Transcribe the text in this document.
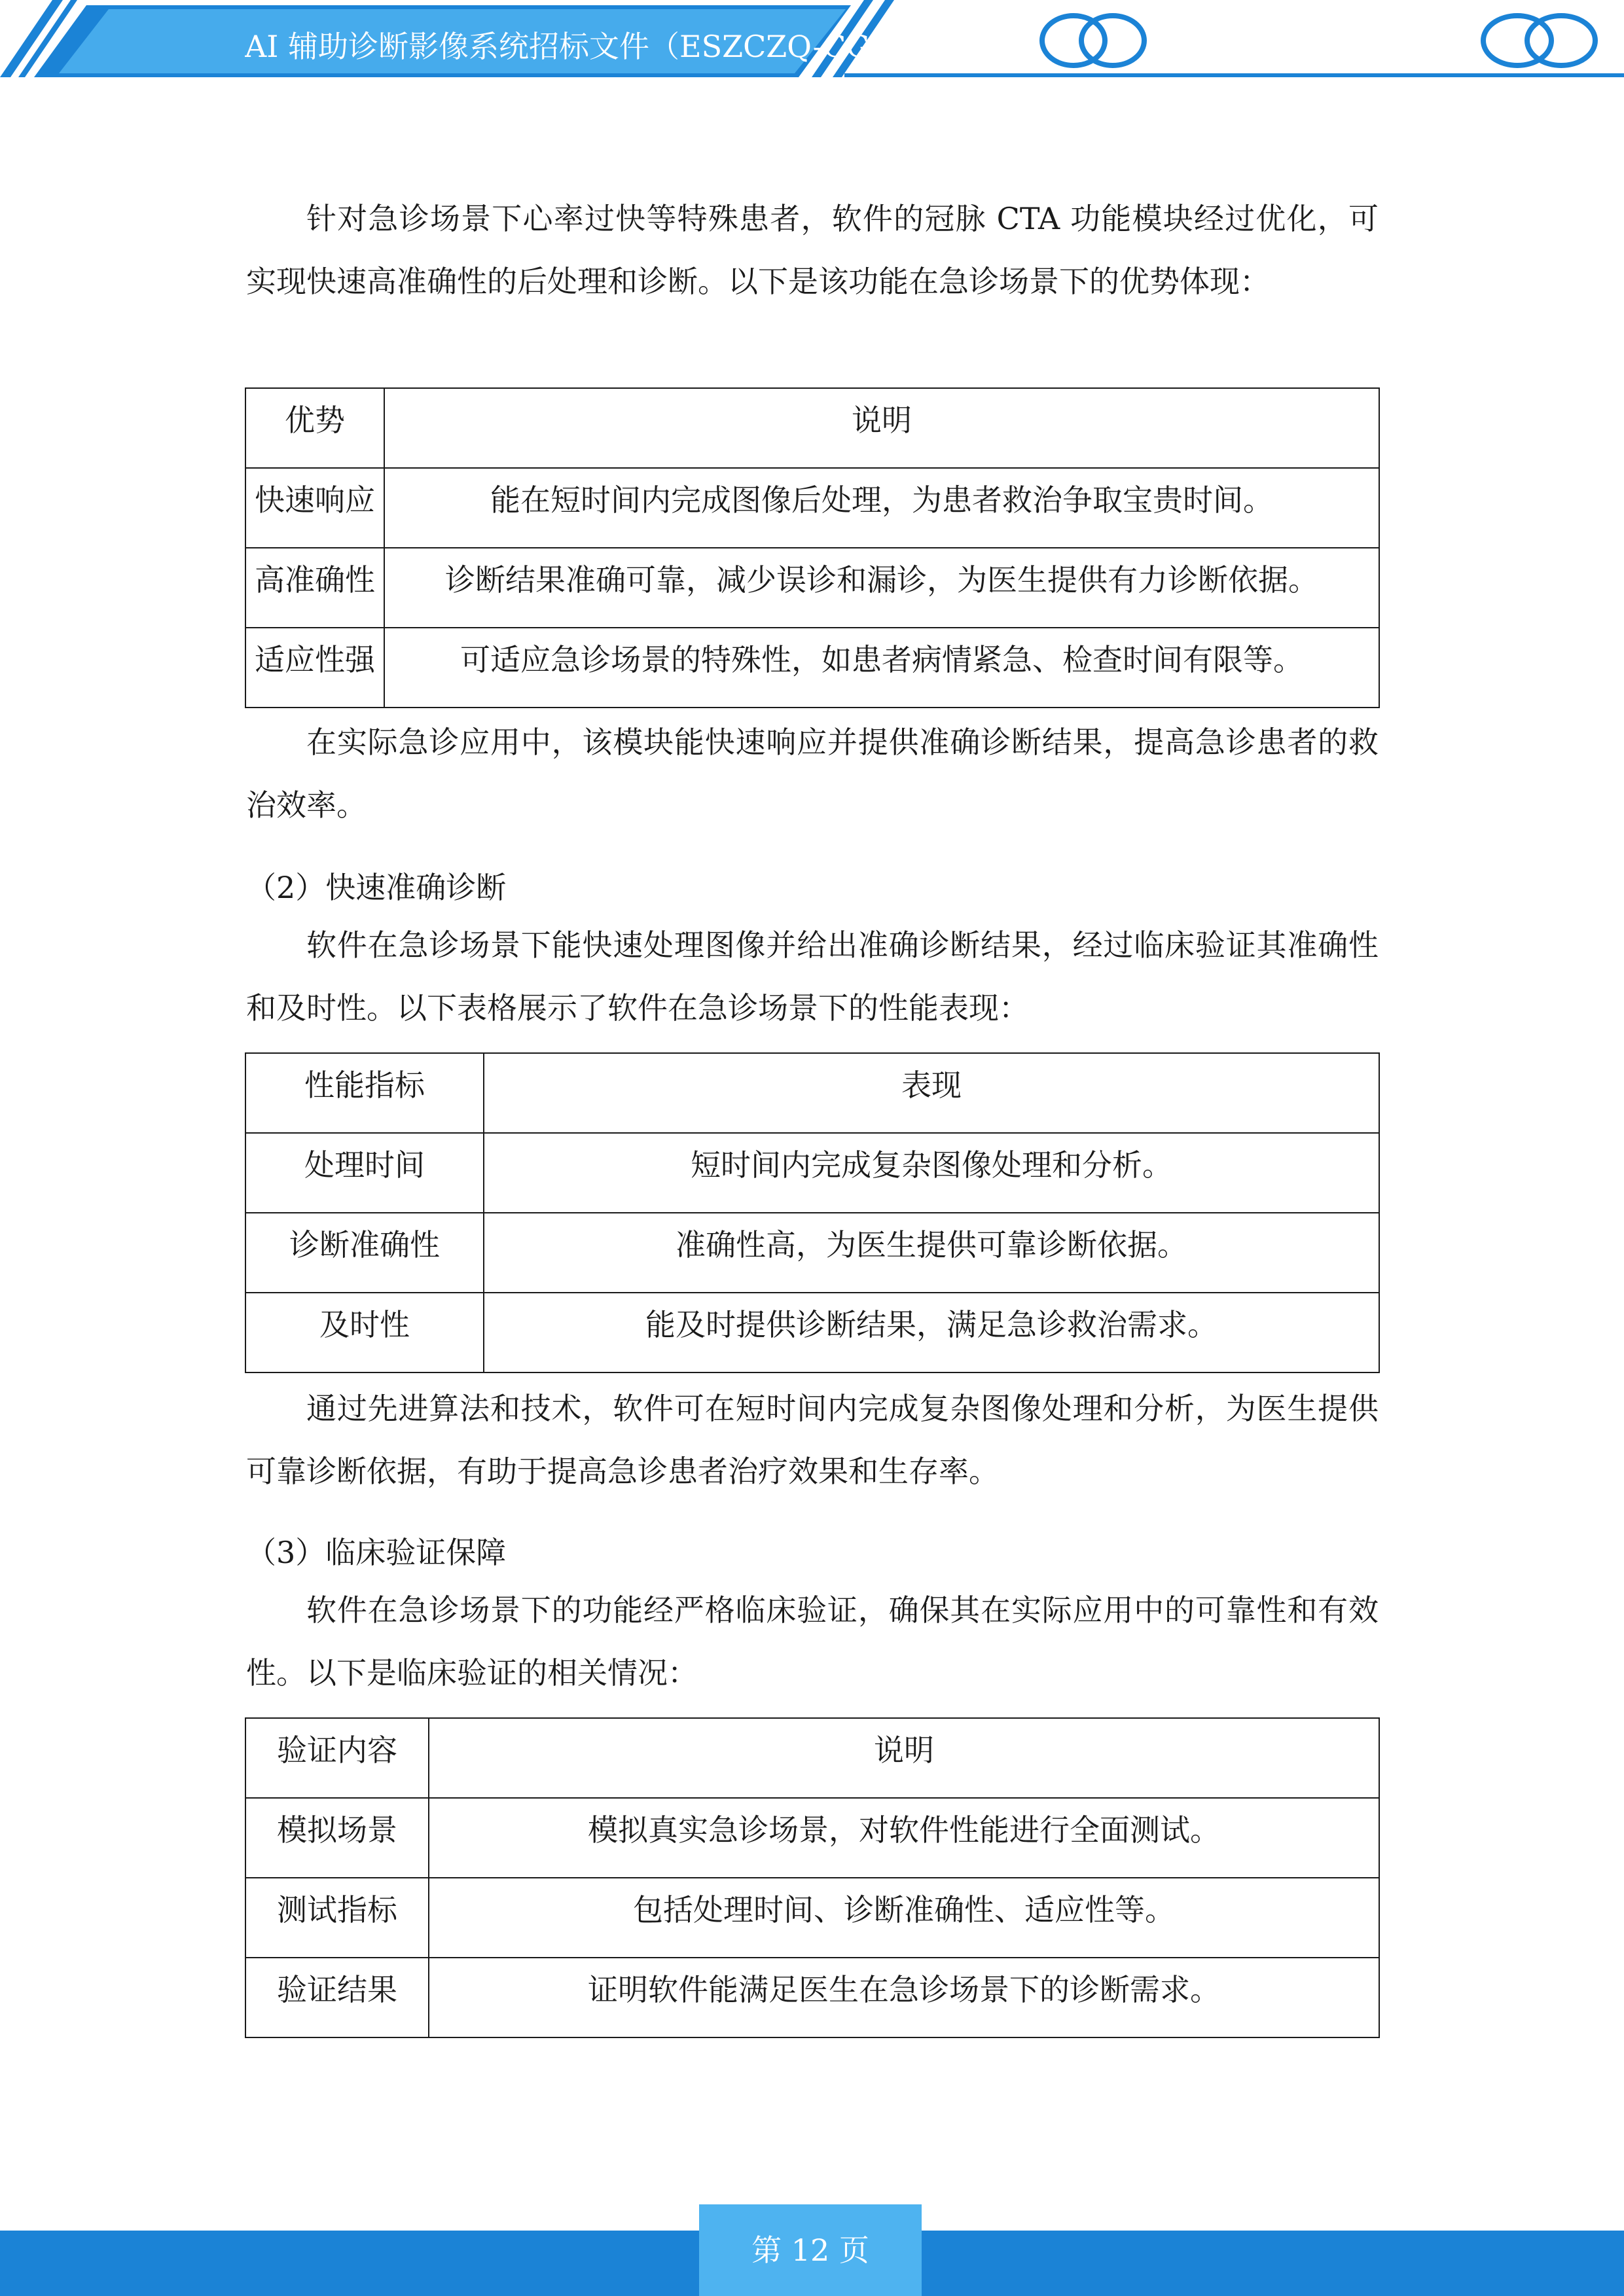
AI 辅助诊断影像系统招标文件（ESZCZQ-CG

针对急诊场景下心率过快等特殊患者，软件的冠脉 CTA 功能模块经过优化，可实现快速高准确性的后处理和诊断。以下是该功能在急诊场景下的优势体现：

优势	说明
快速响应	能在短时间内完成图像后处理，为患者救治争取宝贵时间。
高准确性	诊断结果准确可靠，减少误诊和漏诊，为医生提供有力诊断依据。
适应性强	可适应急诊场景的特殊性，如患者病情紧急、检查时间有限等。

在实际急诊应用中，该模块能快速响应并提供准确诊断结果，提高急诊患者的救治效率。

（2）快速准确诊断

软件在急诊场景下能快速处理图像并给出准确诊断结果，经过临床验证其准确性和及时性。以下表格展示了软件在急诊场景下的性能表现：

性能指标	表现
处理时间	短时间内完成复杂图像处理和分析。
诊断准确性	准确性高，为医生提供可靠诊断依据。
及时性	能及时提供诊断结果，满足急诊救治需求。

通过先进算法和技术，软件可在短时间内完成复杂图像处理和分析，为医生提供可靠诊断依据，有助于提高急诊患者治疗效果和生存率。

（3）临床验证保障

软件在急诊场景下的功能经严格临床验证，确保其在实际应用中的可靠性和有效性。以下是临床验证的相关情况：

验证内容	说明
模拟场景	模拟真实急诊场景，对软件性能进行全面测试。
测试指标	包括处理时间、诊断准确性、适应性等。
验证结果	证明软件能满足医生在急诊场景下的诊断需求。
第 12 页
